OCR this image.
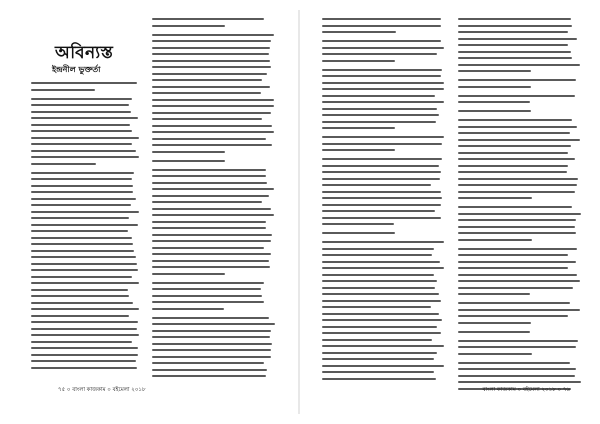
অবিন্যস্ত
ইন্দ্রনীল ভুক্তর্তা
৭৫ ০ বাংলা কাজকাম ০ বইমেলা ২০১৮	বাংলা কাজকাম ০ বইমেলা ২০১৮ ০ ৭৬
